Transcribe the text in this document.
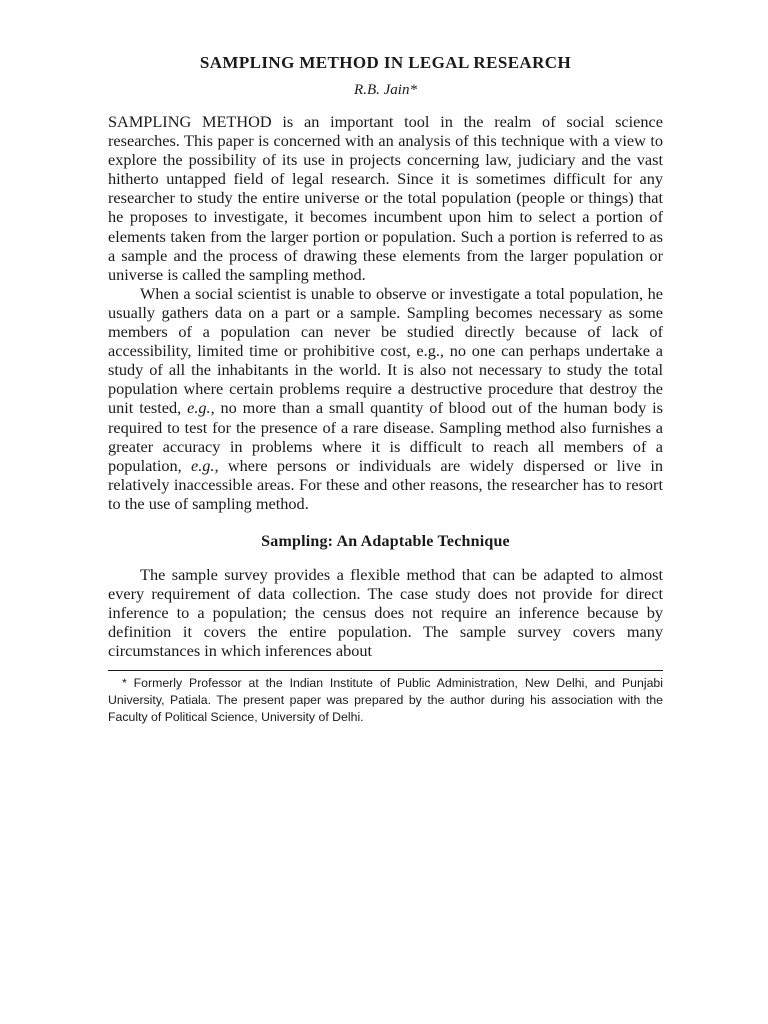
SAMPLING METHOD IN LEGAL RESEARCH

R.B. Jain*

SAMPLING METHOD is an important tool in the realm of social science researches. This paper is concerned with an analysis of this technique with a view to explore the possibility of its use in projects concerning law, judiciary and the vast hitherto untapped field of legal research. Since it is sometimes difficult for any researcher to study the entire universe or the total population (people or things) that he proposes to investigate, it becomes incumbent upon him to select a portion of elements taken from the larger portion or population. Such a portion is referred to as a sample and the process of drawing these elements from the larger population or universe is called the sampling method.

When a social scientist is unable to observe or investigate a total population, he usually gathers data on a part or a sample. Sampling becomes necessary as some members of a population can never be studied directly because of lack of accessibility, limited time or prohibitive cost, e.g., no one can perhaps undertake a study of all the inhabitants in the world. It is also not necessary to study the total population where certain problems require a destructive procedure that destroy the unit tested, e.g., no more than a small quantity of blood out of the human body is required to test for the presence of a rare disease. Sampling method also furnishes a greater accuracy in problems where it is difficult to reach all members of a population, e.g., where persons or individuals are widely dispersed or live in relatively inaccessible areas. For these and other reasons, the researcher has to resort to the use of sampling method.

Sampling: An Adaptable Technique

The sample survey provides a flexible method that can be adapted to almost every requirement of data collection. The case study does not provide for direct inference to a population; the census does not require an inference because by definition it covers the entire population. The sample survey covers many circumstances in which inferences about

* Formerly Professor at the Indian Institute of Public Administration, New Delhi, and Punjabi University, Patiala. The present paper was prepared by the author during his association with the Faculty of Political Science, University of Delhi.
